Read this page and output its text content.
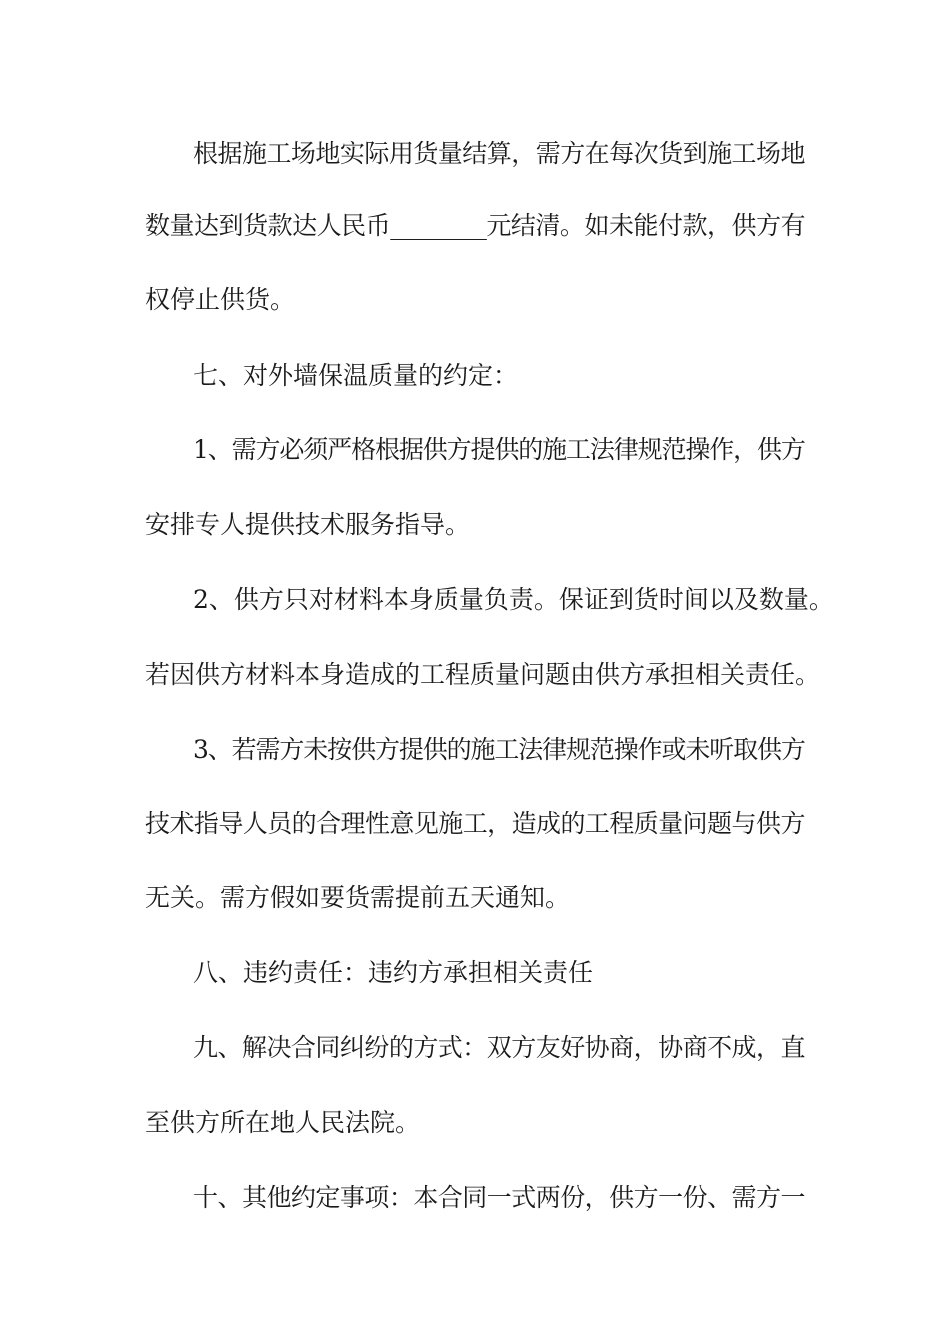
根据施工场地实际用货量结算，需方在每次货到施工场地
数量达到货款达人民币________元结清。如未能付款，供方有
权停止供货。
七、对外墙保温质量的约定：
1、需方必须严格根据供方提供的施工法律规范操作，供方
安排专人提供技术服务指导。
2、供方只对材料本身质量负责。保证到货时间以及数量。
若因供方材料本身造成的工程质量问题由供方承担相关责任。
3、若需方未按供方提供的施工法律规范操作或未听取供方
技术指导人员的合理性意见施工，造成的工程质量问题与供方
无关。需方假如要货需提前五天通知。
八、违约责任：违约方承担相关责任
九、解决合同纠纷的方式：双方友好协商，协商不成，直
至供方所在地人民法院。
十、其他约定事项：本合同一式两份，供方一份、需方一
